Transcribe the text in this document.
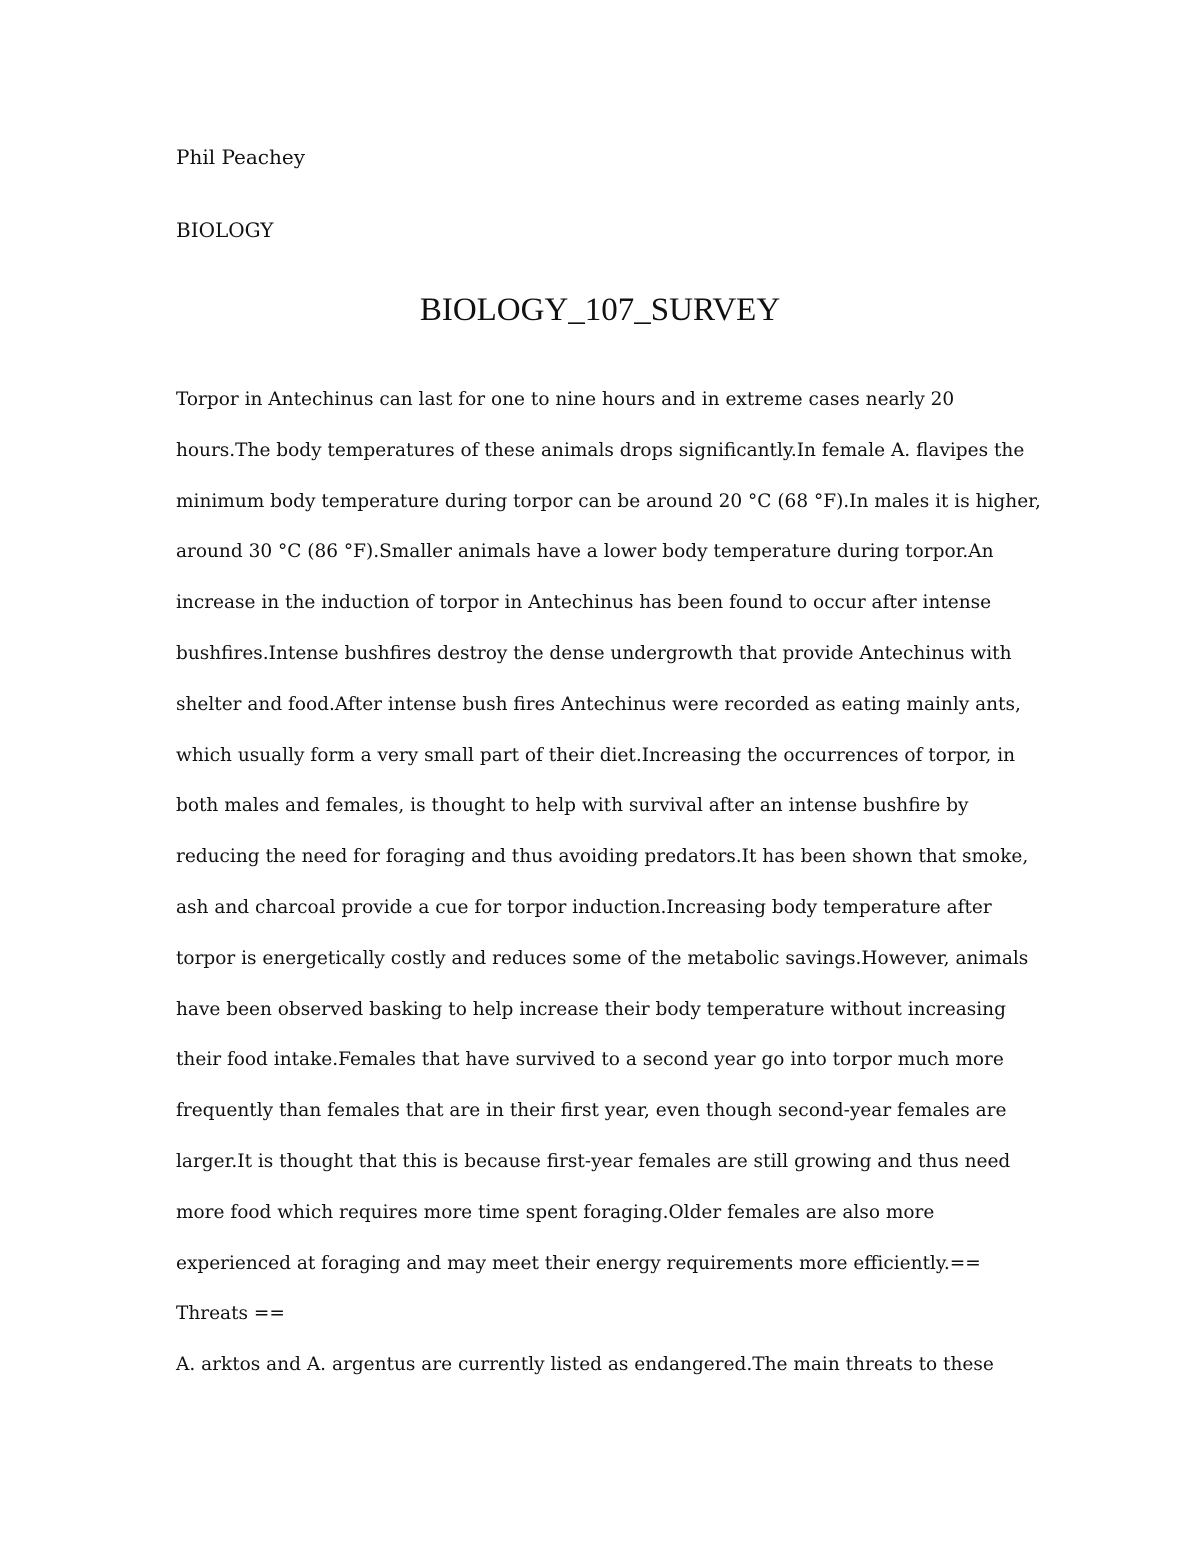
Phil Peachey
BIOLOGY
BIOLOGY_107_SURVEY
Torpor in Antechinus can last for one to nine hours and in extreme cases nearly 20
hours.The body temperatures of these animals drops significantly.In female A. flavipes the
minimum body temperature during torpor can be around 20 °C (68 °F).In males it is higher,
around 30 °C (86 °F).Smaller animals have a lower body temperature during torpor.An
increase in the induction of torpor in Antechinus has been found to occur after intense
bushfires.Intense bushfires destroy the dense undergrowth that provide Antechinus with
shelter and food.After intense bush fires Antechinus were recorded as eating mainly ants,
which usually form a very small part of their diet.Increasing the occurrences of torpor, in
both males and females, is thought to help with survival after an intense bushfire by
reducing the need for foraging and thus avoiding predators.It has been shown that smoke,
ash and charcoal provide a cue for torpor induction.Increasing body temperature after
torpor is energetically costly and reduces some of the metabolic savings.However, animals
have been observed basking to help increase their body temperature without increasing
their food intake.Females that have survived to a second year go into torpor much more
frequently than females that are in their first year, even though second-year females are
larger.It is thought that this is because first-year females are still growing and thus need
more food which requires more time spent foraging.Older females are also more
experienced at foraging and may meet their energy requirements more efficiently.==
Threats ==
A. arktos and A. argentus are currently listed as endangered.The main threats to these
